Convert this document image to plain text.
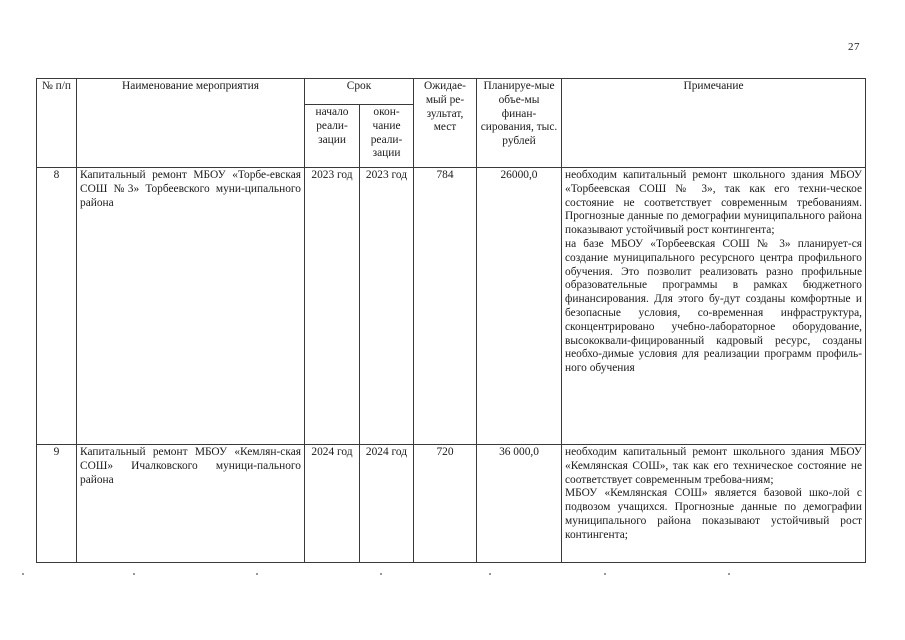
27
№ п/п	Наименование мероприятия	Срок		Ожидае-мый ре-зультат, мест	Планируе-мые объе-мы финан-сирования, тыс. рублей	Примечание
		начало реали-зации	окон-чание реали-зации			
8	Капитальный ремонт МБОУ «Торбе-евская СОШ №3» Торбеевского муни-ципального района	2023 год	2023 год	784	26000,0	необходим капитальный ремонт школьного здания МБОУ «Торбеевская СОШ № 3», так как его техни-ческое состояние не соответствует современным требованиям. Прогнозные данные по демографии муниципального района показывают устойчивый рост контингента;
на базе МБОУ «Торбеевская СОШ № 3» планирует-ся создание муниципального ресурсного центра профильного обучения. Это позволит реализовать разно профильные образовательные программы в рамках бюджетного финансирования. Для этого бу-дут созданы комфортные и безопасные условия, со-временная инфраструктура, сконцентрировано учебно-лабораторное оборудование, высококвали-фицированный кадровый ресурс, созданы необхо-димые условия для реализации программ профиль-ного обучения

9	Капитальный ремонт МБОУ «Кемлян-ская СОШ» Ичалковского муници-пального района	2024 год	2024 год	720	36 000,0	необходим капитальный ремонт школьного здания МБОУ «Кемлянская СОШ», так как его техническое состояние не соответствует современным требова-ниям;
МБОУ «Кемлянская СОШ» является базовой шко-лой с подвозом учащихся. Прогнозные данные по демографии муниципального района показывают устойчивый рост контингента;
